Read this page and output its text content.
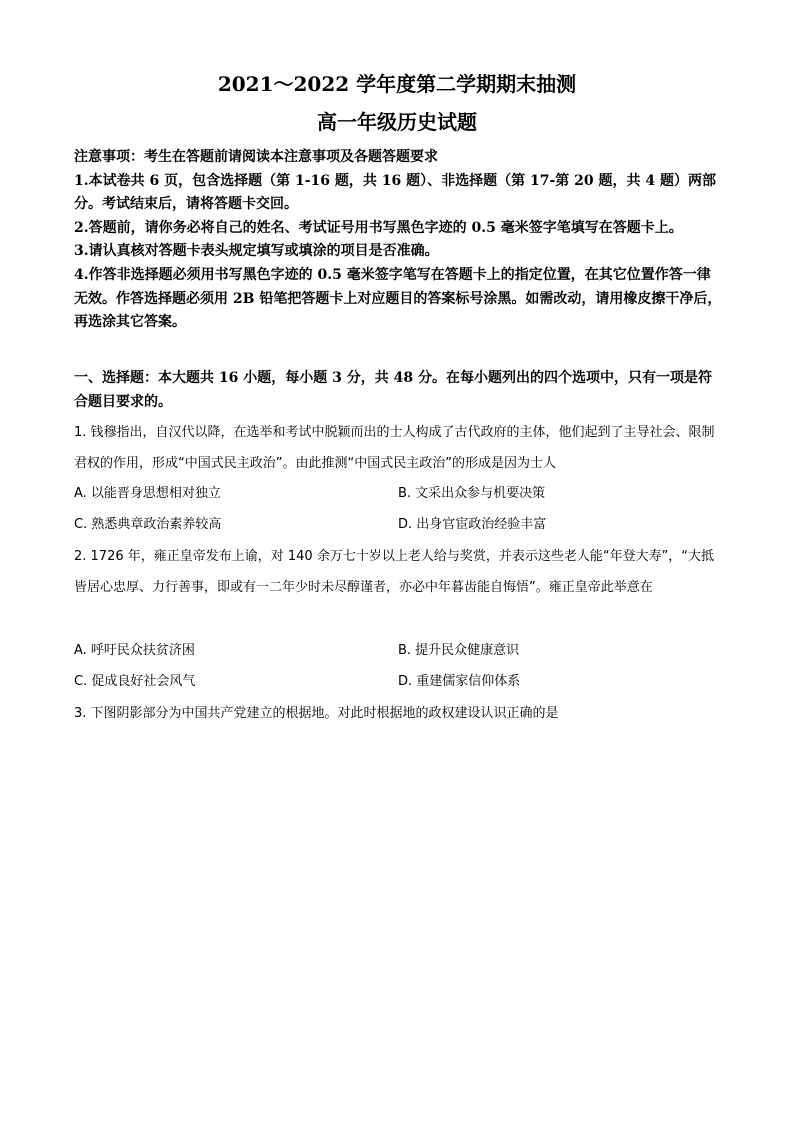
2021～2022 学年度第二学期期末抽测
高一年级历史试题

注意事项：考生在答题前请阅读本注意事项及各题答题要求

1.本试卷共 6 页，包含选择题（第 1-16 题，共 16 题）、非选择题（第 17-第 20 题，共 4 题）两部分。考试结束后，请将答题卡交回。

2.答题前，请你务必将自己的姓名、考试证号用书写黑色字迹的 0.5 毫米签字笔填写在答题卡上。

3.请认真核对答题卡表头规定填写或填涂的项目是否准确。

4.作答非选择题必须用书写黑色字迹的 0.5 毫米签字笔写在答题卡上的指定位置，在其它位置作答一律无效。作答选择题必须用 2B 铅笔把答题卡上对应题目的答案标号涂黑。如需改动，请用橡皮擦干净后，再选涂其它答案。

一、选择题：本大题共 16 小题，每小题 3 分，共 48 分。在每小题列出的四个选项中，只有一项是符合题目要求的。

1. 钱穆指出，自汉代以降，在选举和考试中脱颖而出的士人构成了古代政府的主体，他们起到了主导社会、限制君权的作用，形成“中国式民主政治”。由此推测“中国式民主政治”的形成是因为士人

A. 以能晋身思想相对独立	B. 文采出众参与机要决策
C. 熟悉典章政治素养较高	D. 出身官宦政治经验丰富

2. 1726 年，雍正皇帝发布上谕，对 140 余万七十岁以上老人给与奖赏，并表示这些老人能“年登大寿”，“大抵皆居心忠厚、力行善事，即或有一二年少时未尽醇谨者，亦必中年暮齿能自悔悟”。雍正皇帝此举意在

A. 呼吁民众扶贫济困	B. 提升民众健康意识
C. 促成良好社会风气	D. 重建儒家信仰体系

3. 下图阴影部分为中国共产党建立的根据地。对此时根据地的政权建设认识正确的是
